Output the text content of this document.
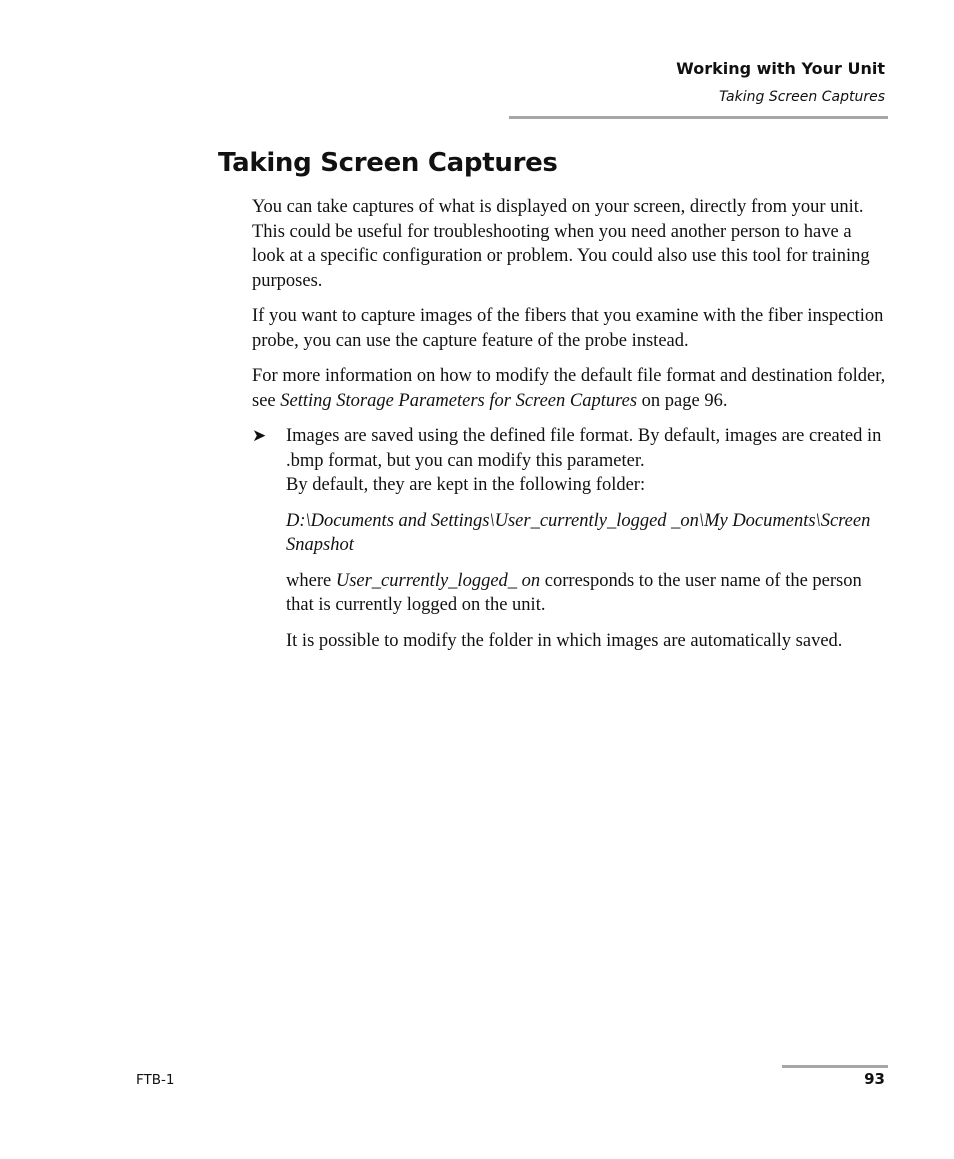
Working with Your Unit
Taking Screen Captures
Taking Screen Captures

You can take captures of what is displayed on your screen, directly from your unit. This could be useful for troubleshooting when you need another person to have a look at a specific configuration or problem. You could also use this tool for training purposes.

If you want to capture images of the fibers that you examine with the fiber inspection probe, you can use the capture feature of the probe instead.

For more information on how to modify the default file format and destination folder, see Setting Storage Parameters for Screen Captures on page 96.

➤ Images are saved using the defined file format. By default, images are created in .bmp format, but you can modify this parameter.
By default, they are kept in the following folder:

D:\Documents and Settings\User_currently_logged _on\My Documents\Screen Snapshot

where User_currently_logged_ on corresponds to the user name of the person that is currently logged on the unit.

It is possible to modify the folder in which images are automatically saved.

FTB-1	93
